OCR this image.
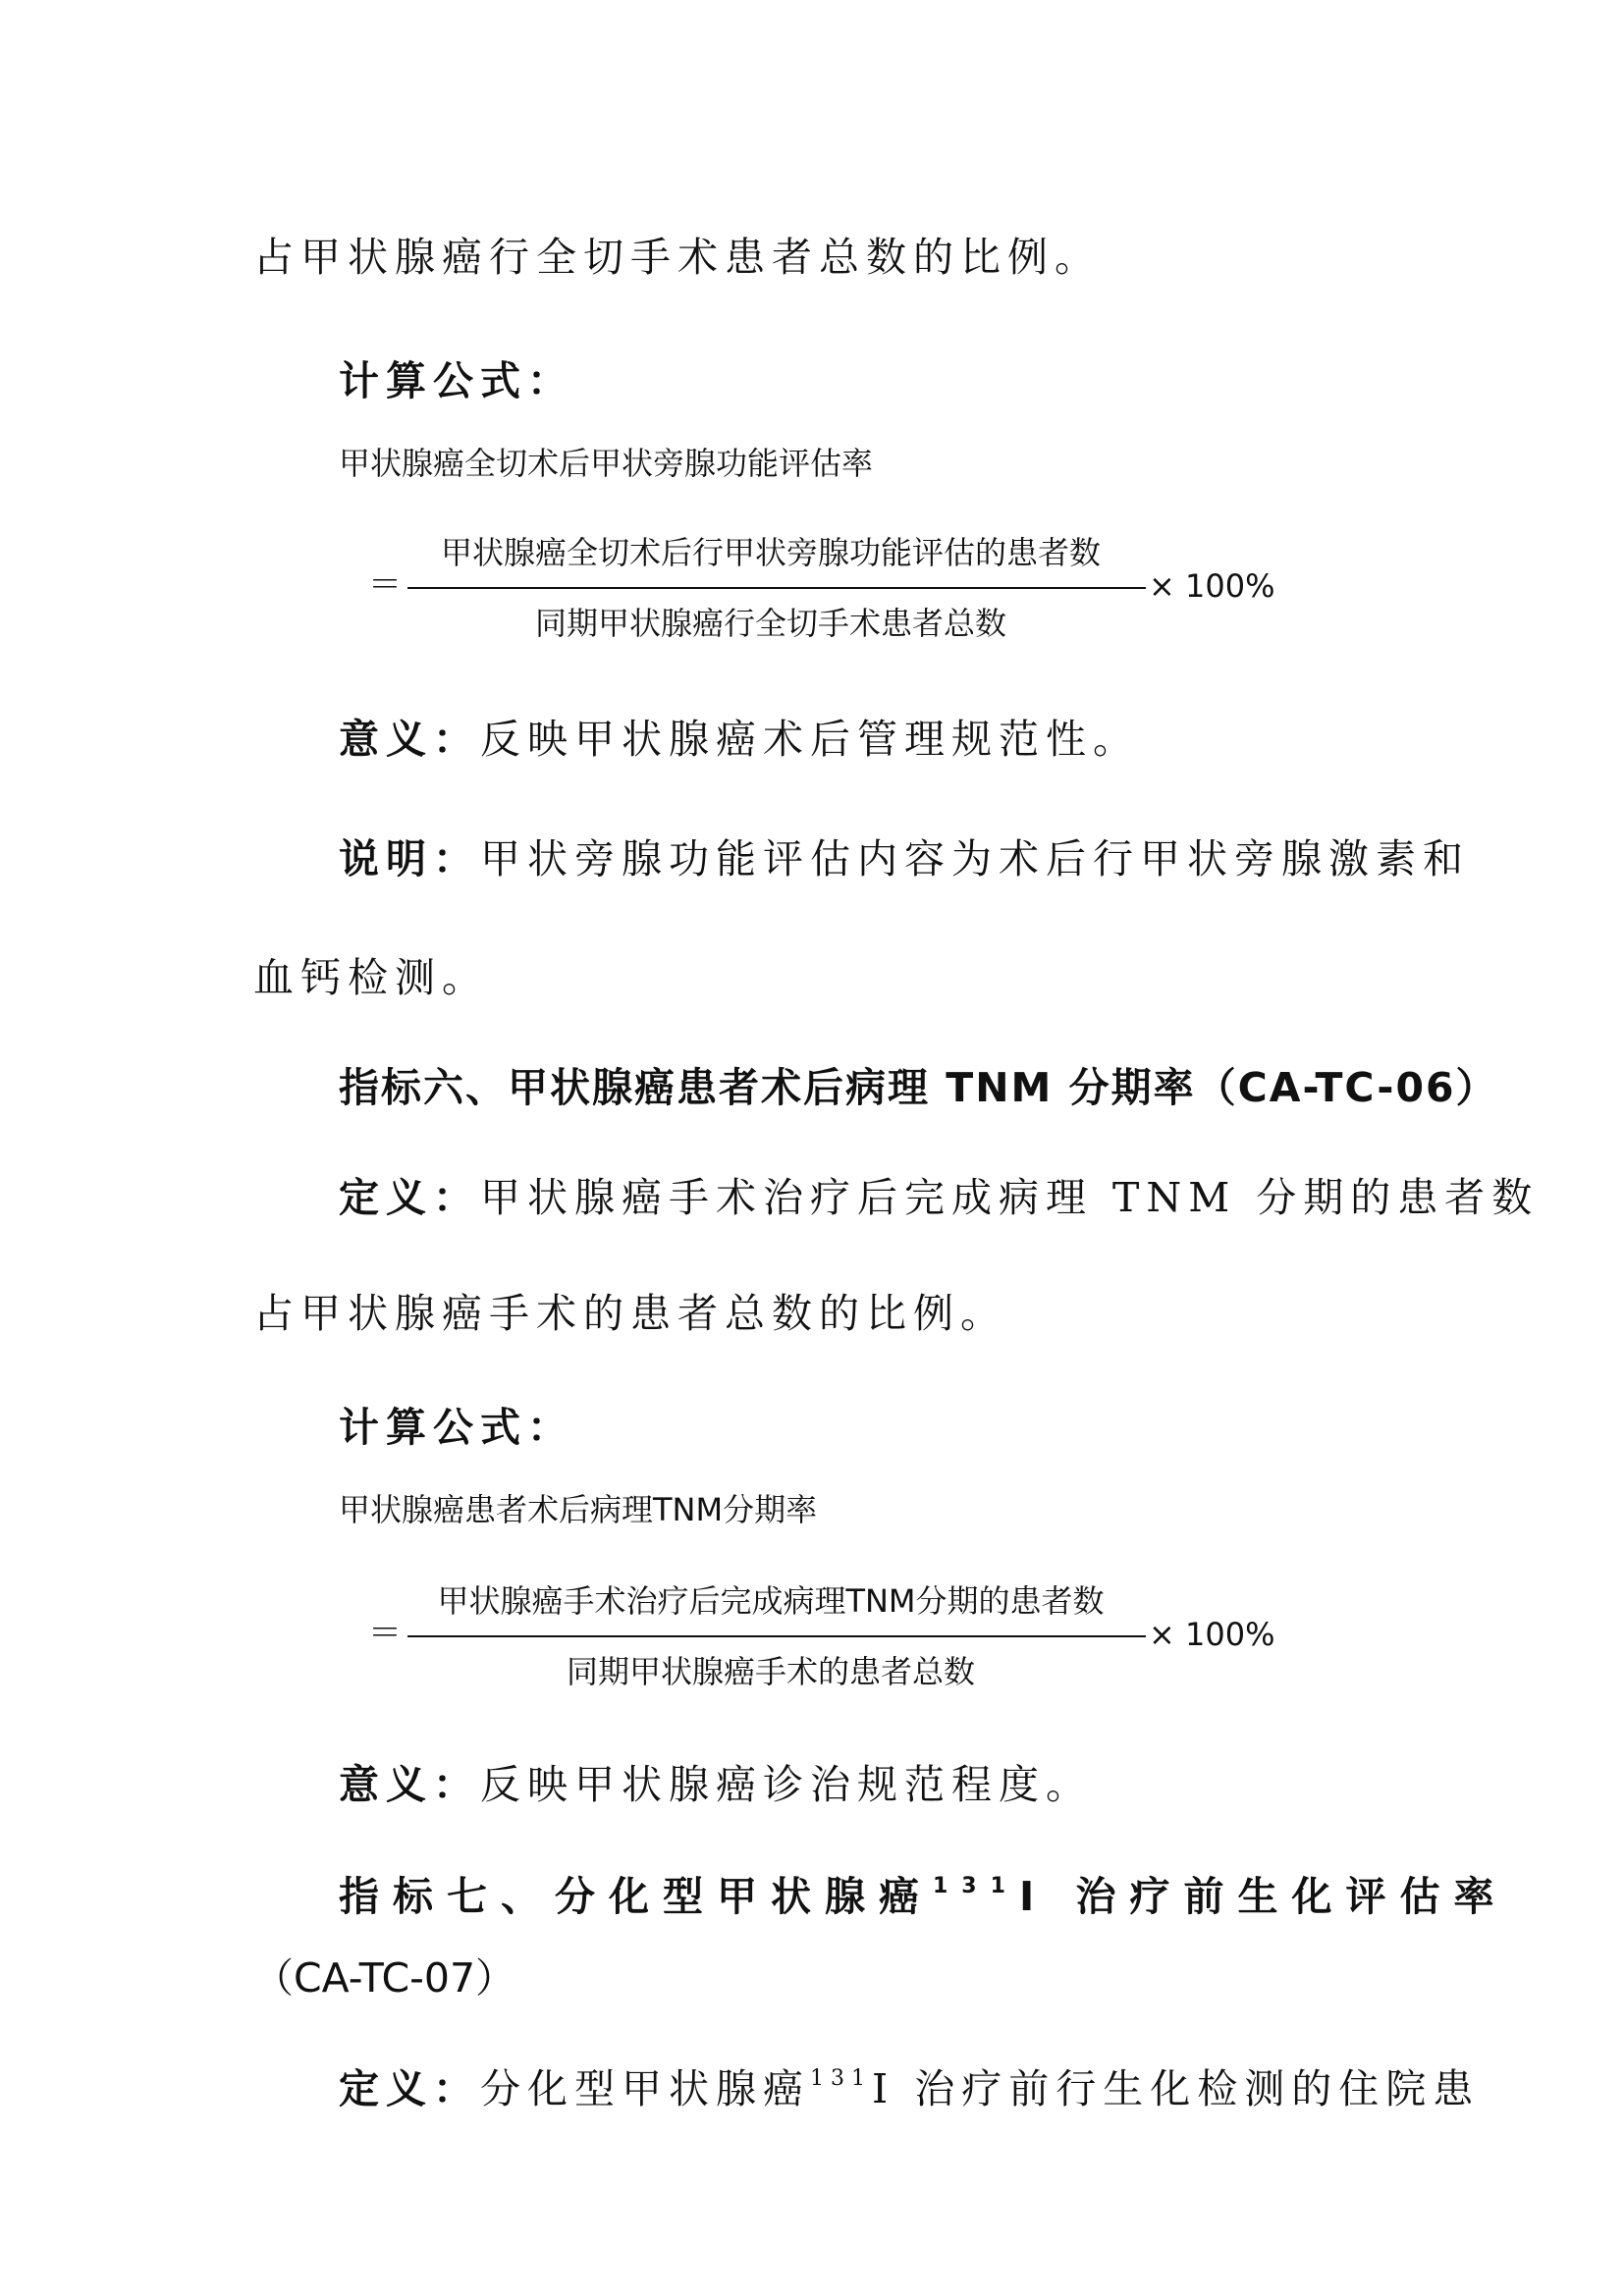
占甲状腺癌行全切手术患者总数的比例。
计算公式：
甲状腺癌全切术后甲状旁腺功能评估率
＝
甲状腺癌全切术后行甲状旁腺功能评估的患者数
同期甲状腺癌行全切手术患者总数
× 100%
意义：反映甲状腺癌术后管理规范性。
说明：甲状旁腺功能评估内容为术后行甲状旁腺激素和
血钙检测。
指标六、甲状腺癌患者术后病理 TNM 分期率（CA-TC-06）
定义：甲状腺癌手术治疗后完成病理 TNM 分期的患者数
占甲状腺癌手术的患者总数的比例。
计算公式：
甲状腺癌患者术后病理TNM分期率
＝
甲状腺癌手术治疗后完成病理TNM分期的患者数
同期甲状腺癌手术的患者总数
× 100%
意义：反映甲状腺癌诊治规范程度。
指标七、分化型甲状腺癌$^{131}$I 治疗前生化评估率
（CA-TC-07）
定义：分化型甲状腺癌$^{131}$I 治疗前行生化检测的住院患
